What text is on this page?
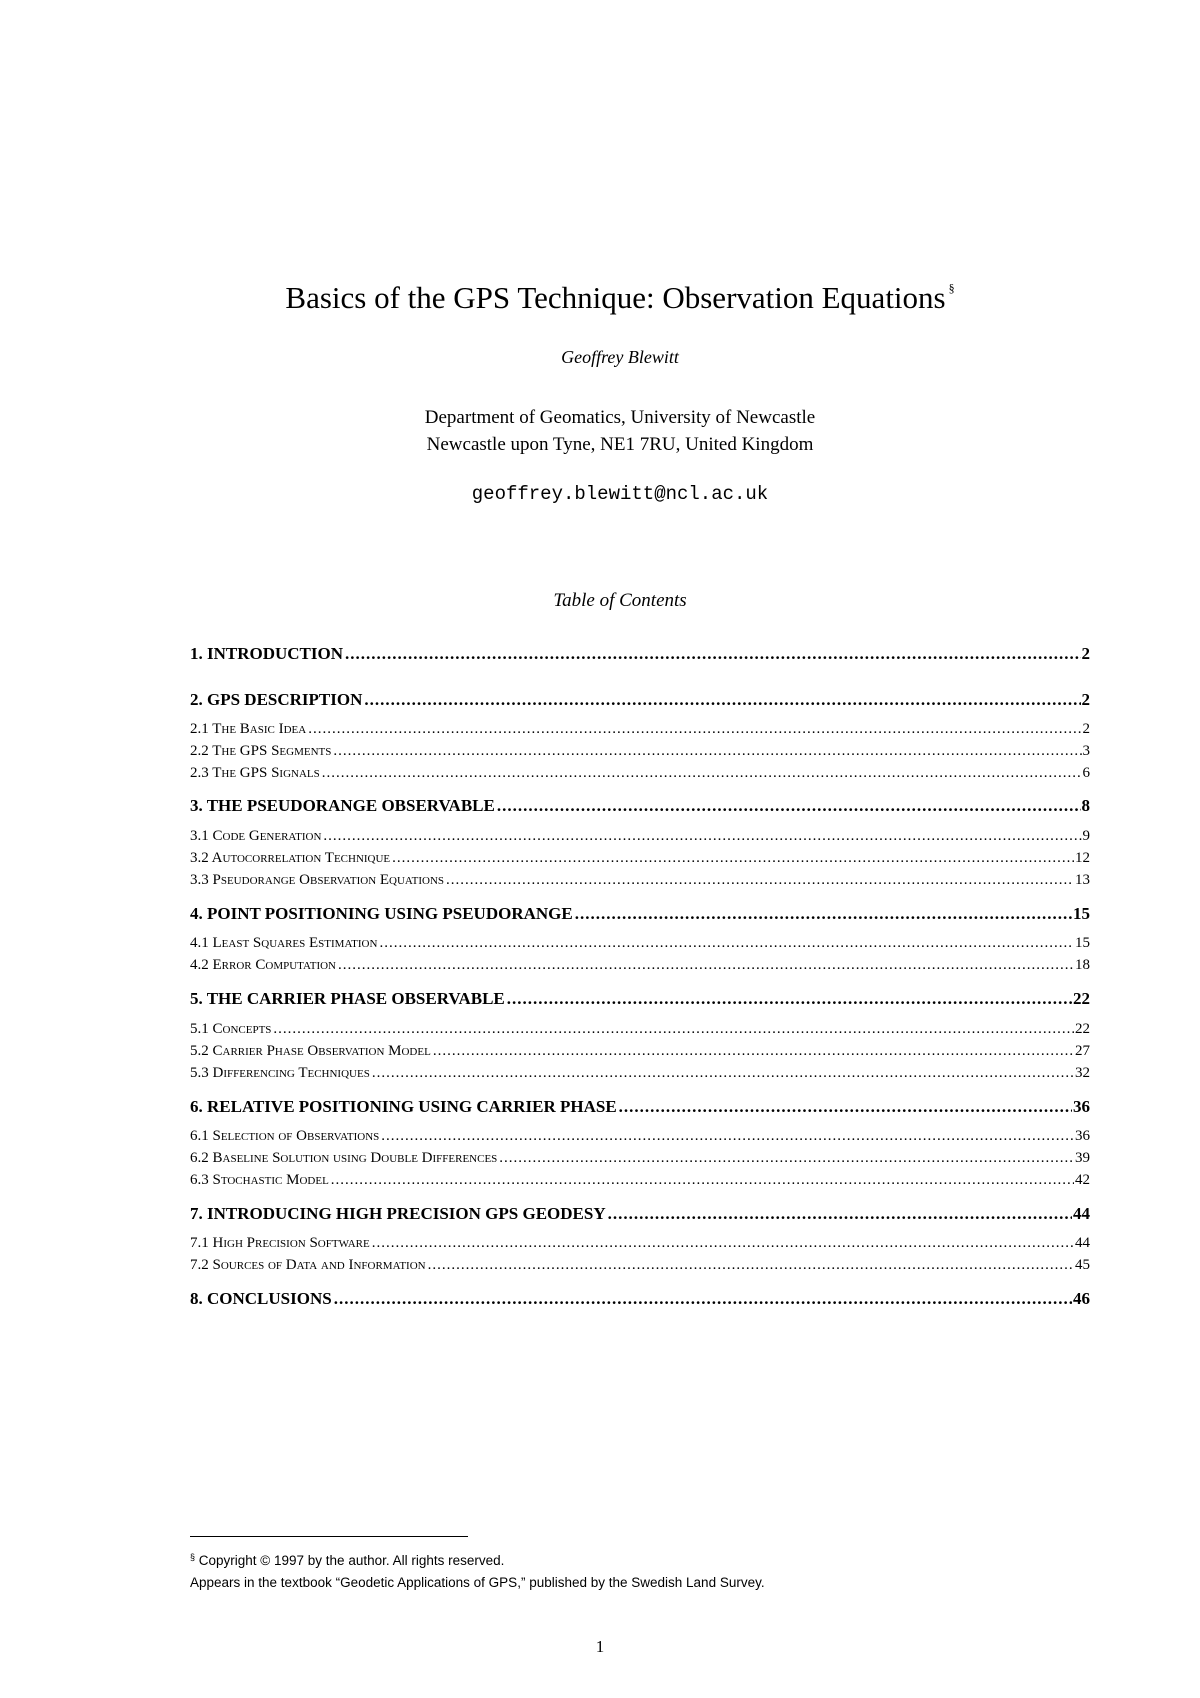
Basics of the GPS Technique: Observation Equations §
Geoffrey Blewitt
Department of Geomatics, University of Newcastle
Newcastle upon Tyne, NE1 7RU, United Kingdom
geoffrey.blewitt@ncl.ac.uk
Table of Contents
1. INTRODUCTION .....	2
2. GPS DESCRIPTION .....	2
2.1 The Basic Idea .....	2
2.2 The GPS Segments .....	3
2.3 The GPS Signals .....	6
3. THE PSEUDORANGE OBSERVABLE .....	8
3.1 Code Generation .....	9
3.2 Autocorrelation Technique .....	12
3.3 Pseudorange Observation Equations .....	13
4. POINT POSITIONING USING PSEUDORANGE .....	15
4.1 Least Squares Estimation .....	15
4.2 Error Computation .....	18
5. THE CARRIER PHASE OBSERVABLE .....	22
5.1 Concepts .....	22
5.2 Carrier Phase Observation Model .....	27
5.3 Differencing Techniques .....	32
6. RELATIVE POSITIONING USING CARRIER PHASE .....	36
6.1 Selection of Observations .....	36
6.2 Baseline Solution using Double Differences .....	39
6.3 Stochastic Model .....	42
7. INTRODUCING HIGH PRECISION GPS GEODESY .....	44
7.1 High Precision Software .....	44
7.2 Sources of Data and Information .....	45
8. CONCLUSIONS .....	46
§ Copyright © 1997 by the author. All rights reserved.
Appears in the textbook “Geodetic Applications of GPS,” published by the Swedish Land Survey.
1
